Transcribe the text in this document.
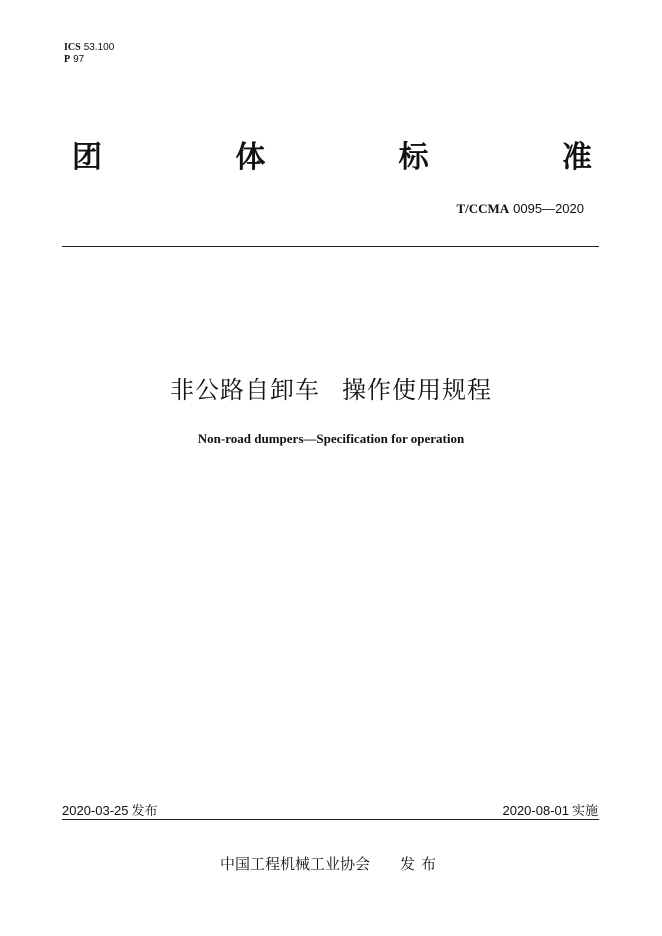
ICS 53.100
P 97
团	体	标	准
T/CCMA 0095—2020
非公路自卸车 操作使用规程
Non-road dumpers—Specification for operation
2020-03-25 发布	2020-08-01 实施
中国工程机械工业协会 发布
